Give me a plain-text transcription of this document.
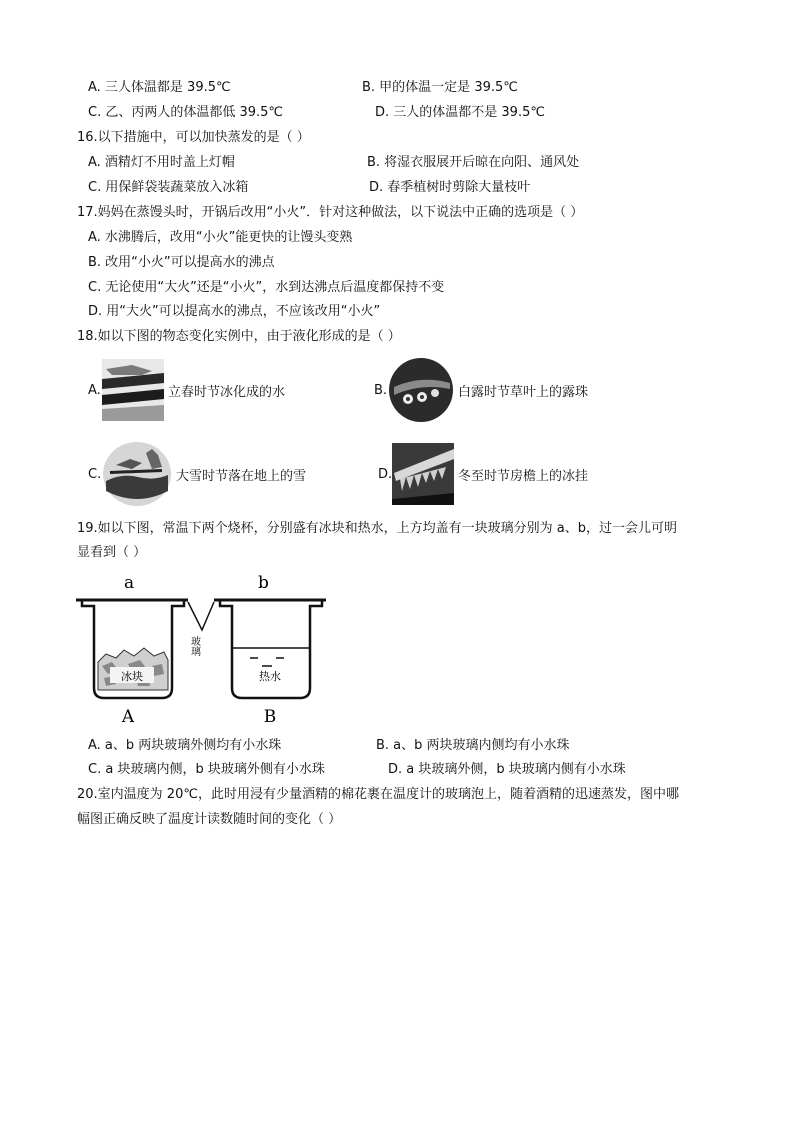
A. 三人体温都是 39.5℃	B. 甲的体温一定是 39.5℃
C. 乙、丙两人的体温都低 39.5℃	D. 三人的体温都不是 39.5℃
16.以下措施中，可以加快蒸发的是（ ）
A. 酒精灯不用时盖上灯帽	B. 将湿衣服展开后晾在向阳、通风处
C. 用保鲜袋装蔬菜放入冰箱	D. 春季植树时剪除大量枝叶
17.妈妈在蒸馒头时，开锅后改用“小火”．针对这种做法，以下说法中正确的选项是（ ）
A. 水沸腾后，改用“小火”能更快的让馒头变熟
B. 改用“小火”可以提高水的沸点
C. 无论使用“大火”还是“小火”，水到达沸点后温度都保持不变
D. 用“大火”可以提高水的沸点，不应该改用“小火”
18.如以下图的物态变化实例中，由于液化形成的是（ ）
A.	立春时节冰化成的水	B.	白露时节草叶上的露珠
C.	大雪时节落在地上的雪	D.	冬至时节房檐上的冰挂
19.如以下图，常温下两个烧杯，分别盛有冰块和热水，上方均盖有一块玻璃分别为 a、b，过一会儿可明
显看到（ ）
a	b
玻璃
冰块	热水
A	B
A. a、b 两块玻璃外侧均有小水珠	B. a、b 两块玻璃内侧均有小水珠
C. a 块玻璃内侧，b 块玻璃外侧有小水珠	D. a 块玻璃外侧，b 块玻璃内侧有小水珠
20.室内温度为 20℃，此时用浸有少量酒精的棉花裹在温度计的玻璃泡上，随着酒精的迅速蒸发，图中哪
幅图正确反映了温度计读数随时间的变化（ ）
